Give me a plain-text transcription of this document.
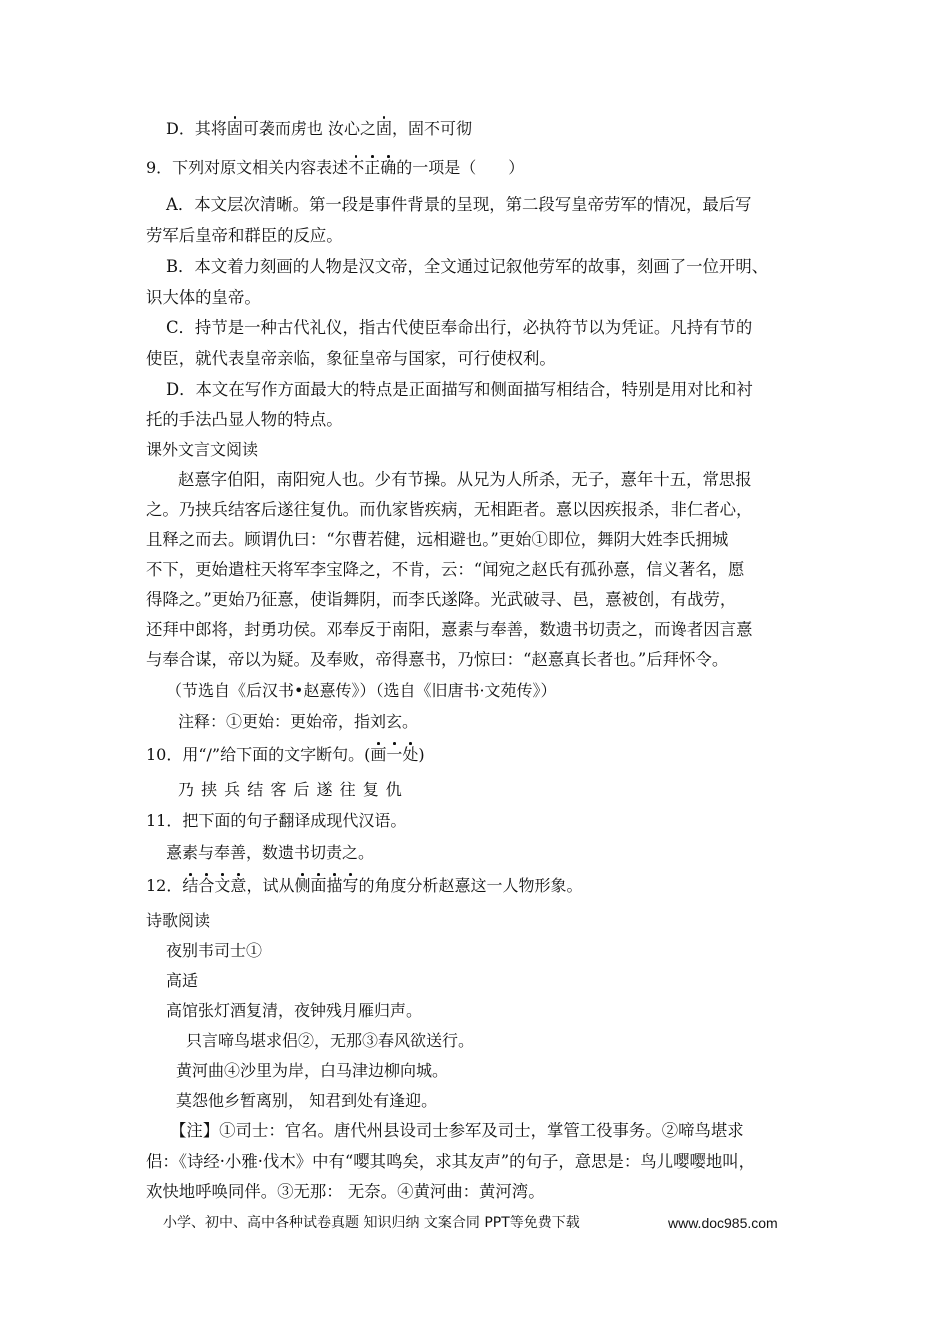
D．其将固可袭而虏也 汝心之固，固不可彻
9．下列对原文相关内容表述不正确的一项是（　　）
A．本文层次清晰。第一段是事件背景的呈现，第二段写皇帝劳军的情况，最后写
劳军后皇帝和群臣的反应。
B．本文着力刻画的人物是汉文帝，全文通过记叙他劳军的故事，刻画了一位开明、
识大体的皇帝。
C．持节是一种古代礼仪，指古代使臣奉命出行，必执符节以为凭证。凡持有节的
使臣，就代表皇帝亲临，象征皇帝与国家，可行使权利。
D．本文在写作方面最大的特点是正面描写和侧面描写相结合，特别是用对比和衬
托的手法凸显人物的特点。
课外文言文阅读
赵憙字伯阳，南阳宛人也。少有节操。从兄为人所杀，无子，憙年十五，常思报
之。乃挟兵结客后遂往复仇。而仇家皆疾病，无相距者。憙以因疾报杀，非仁者心，
且释之而去。顾谓仇曰：“尔曹若健，远相避也。”更始①即位，舞阴大姓李氏拥城
不下，更始遣柱天将军李宝降之，不肯，云：“闻宛之赵氏有孤孙憙，信义著名，愿
得降之。”更始乃征憙，使诣舞阴，而李氏遂降。光武破寻、邑，憙被创，有战劳，
还拜中郎将，封勇功侯。邓奉反于南阳，憙素与奉善，数遗书切责之，而谗者因言憙
与奉合谋，帝以为疑。及奉败，帝得憙书，乃惊曰：“赵憙真长者也。”后拜怀令。
（节选自《后汉书•赵憙传》）（选自《旧唐书·文苑传》）
注释：①更始：更始帝，指刘玄。
10．用“/”给下面的文字断句。(画一处)
乃 挟 兵 结 客 后 遂 往 复 仇
11．把下面的句子翻译成现代汉语。
憙素与奉善，数遗书切责之。
12．结合文意，试从侧面描写的角度分析赵憙这一人物形象。
诗歌阅读
夜别韦司士①
高适
高馆张灯酒复清，夜钟残月雁归声。
只言啼鸟堪求侣②，无那③春风欲送行。
黄河曲④沙里为岸，白马津边柳向城。
莫怨他乡暂离别， 知君到处有逢迎。
【注】①司士：官名。唐代州县设司士参军及司士，掌管工役事务。②啼鸟堪求
侣：《诗经·小雅·伐木》中有“嘤其鸣矣，求其友声”的句子，意思是：鸟儿嘤嘤地叫，
欢快地呼唤同伴。③无那： 无奈。④黄河曲：黄河湾。
小学、初中、高中各种试卷真题 知识归纳 文案合同 PPT等免费下载	www.doc985.com
